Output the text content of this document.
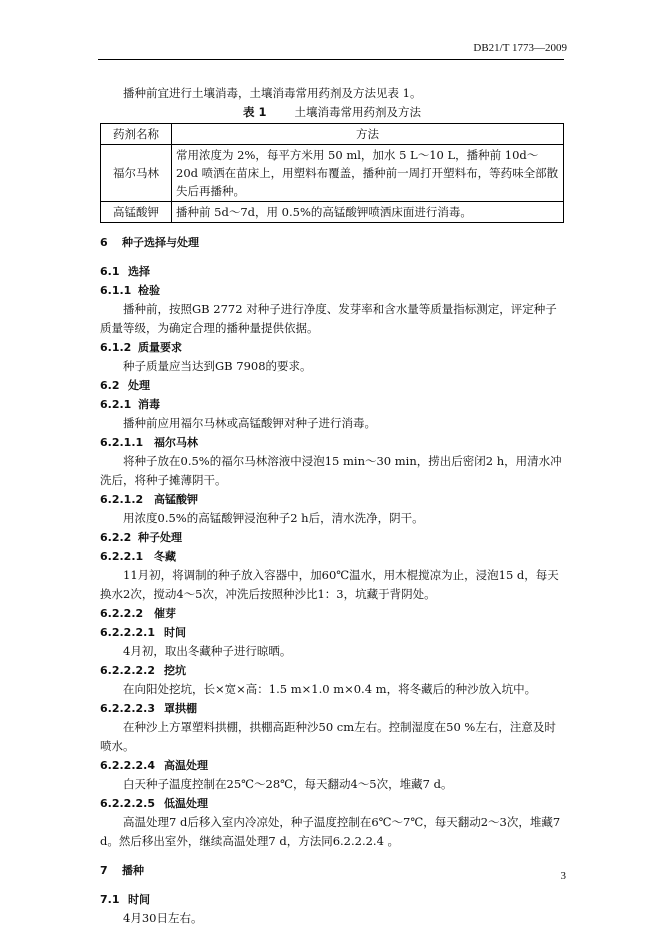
DB21/T 1773—2009

播种前宜进行土壤消毒，土壤消毒常用药剂及方法见表 1。

表 1 土壤消毒常用药剂及方法
药剂名称	方法
福尔马林	常用浓度为 2%，每平方米用 50 ml，加水 5 L～10 L，播种前 10d～20d 喷洒在苗床上，用塑料布覆盖，播种前一周打开塑料布，等药味全部散失后再播种。
高锰酸钾	播种前 5d～7d，用 0.5%的高锰酸钾喷洒床面进行消毒。
6 种子选择与处理
6.1 选择
6.1.1 检验

播种前，按照GB 2772 对种子进行净度、发芽率和含水量等质量指标测定，评定种子质量等级，为确定合理的播种量提供依据。

6.1.2 质量要求

种子质量应当达到GB 7908的要求。

6.2 处理
6.2.1 消毒

播种前应用福尔马林或高锰酸钾对种子进行消毒。

6.2.1.1 福尔马林

将种子放在0.5%的福尔马林溶液中浸泡15 min～30 min，捞出后密闭2 h，用清水冲洗后，将种子摊薄阴干。

6.2.1.2 高锰酸钾

用浓度0.5%的高锰酸钾浸泡种子2 h后，清水洗净，阴干。

6.2.2 种子处理
6.2.2.1 冬藏

11月初，将调制的种子放入容器中，加60℃温水，用木棍搅凉为止，浸泡15 d，每天换水2次，搅动4～5次，冲洗后按照种沙比1：3，坑藏于背阴处。

6.2.2.2 催芽
6.2.2.2.1 时间

4月初，取出冬藏种子进行晾晒。

6.2.2.2.2 挖坑

在向阳处挖坑，长×宽×高：1.5 m×1.0 m×0.4 m，将冬藏后的种沙放入坑中。

6.2.2.2.3 罩拱棚

在种沙上方罩塑料拱棚，拱棚高距种沙50 cm左右。控制湿度在50 %左右，注意及时喷水。

6.2.2.2.4 高温处理

白天种子温度控制在25℃～28℃，每天翻动4～5次，堆藏7 d。

6.2.2.2.5 低温处理

高温处理7 d后移入室内冷凉处，种子温度控制在6℃～7℃，每天翻动2～3次，堆藏7 d。然后移出室外，继续高温处理7 d，方法同6.2.2.2.4 。

7 播种
7.1 时间

4月30日左右。

3
